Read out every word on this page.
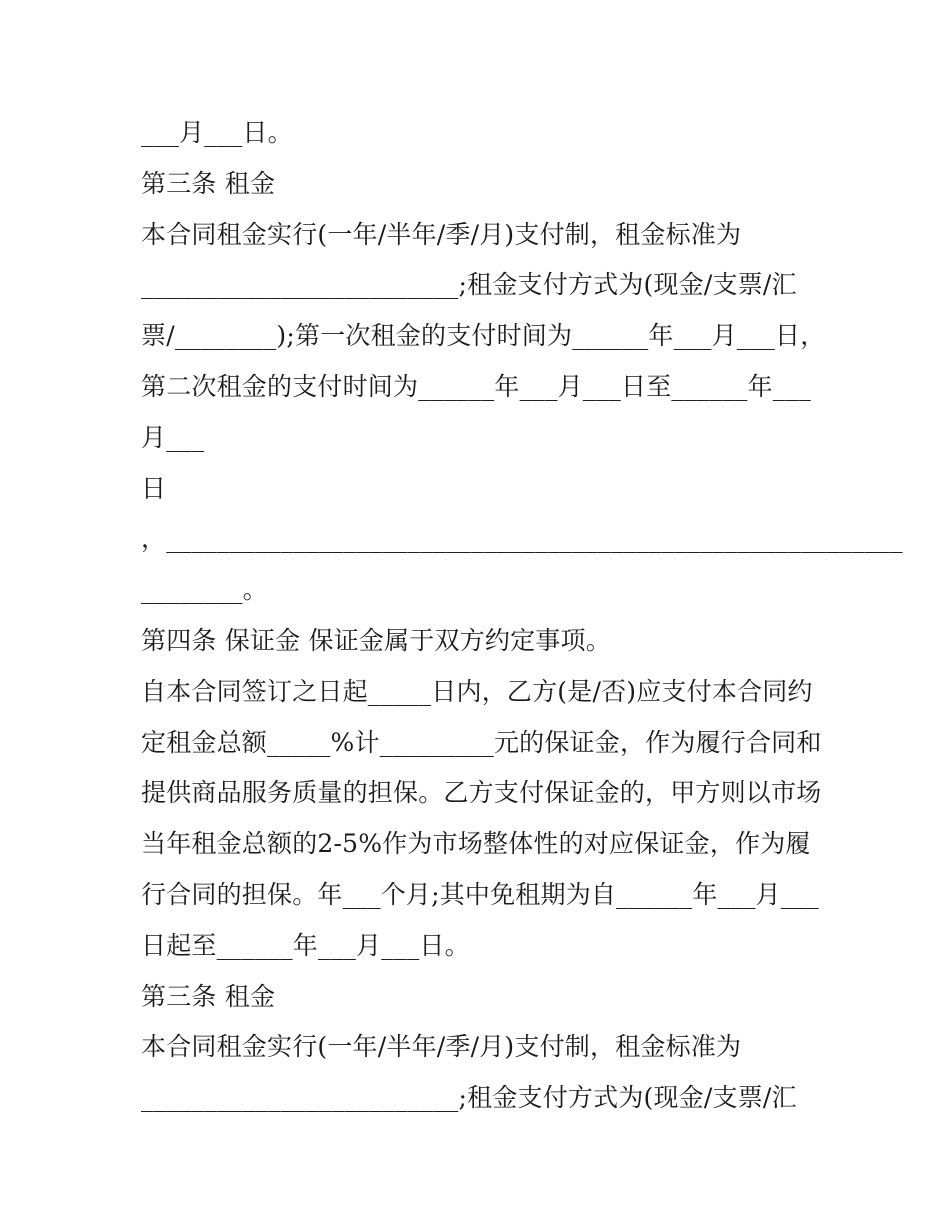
___月___日。
第三条 租金
本合同租金实行(一年/半年/季/月)支付制，租金标准为
_________________________;租金支付方式为(现金/支票/汇
票/________);第一次租金的支付时间为______年___月___日，
第二次租金的支付时间为______年___月___日至______年___
月___
日
，__________________________________________________________
________。
第四条 保证金 保证金属于双方约定事项。
自本合同签订之日起_____日内，乙方(是/否)应支付本合同约
定租金总额_____%计_________元的保证金，作为履行合同和
提供商品服务质量的担保。乙方支付保证金的，甲方则以市场
当年租金总额的2-5%作为市场整体性的对应保证金，作为履
行合同的担保。年___个月;其中免租期为自______年___月___
日起至______年___月___日。
第三条 租金
本合同租金实行(一年/半年/季/月)支付制，租金标准为
_________________________;租金支付方式为(现金/支票/汇
